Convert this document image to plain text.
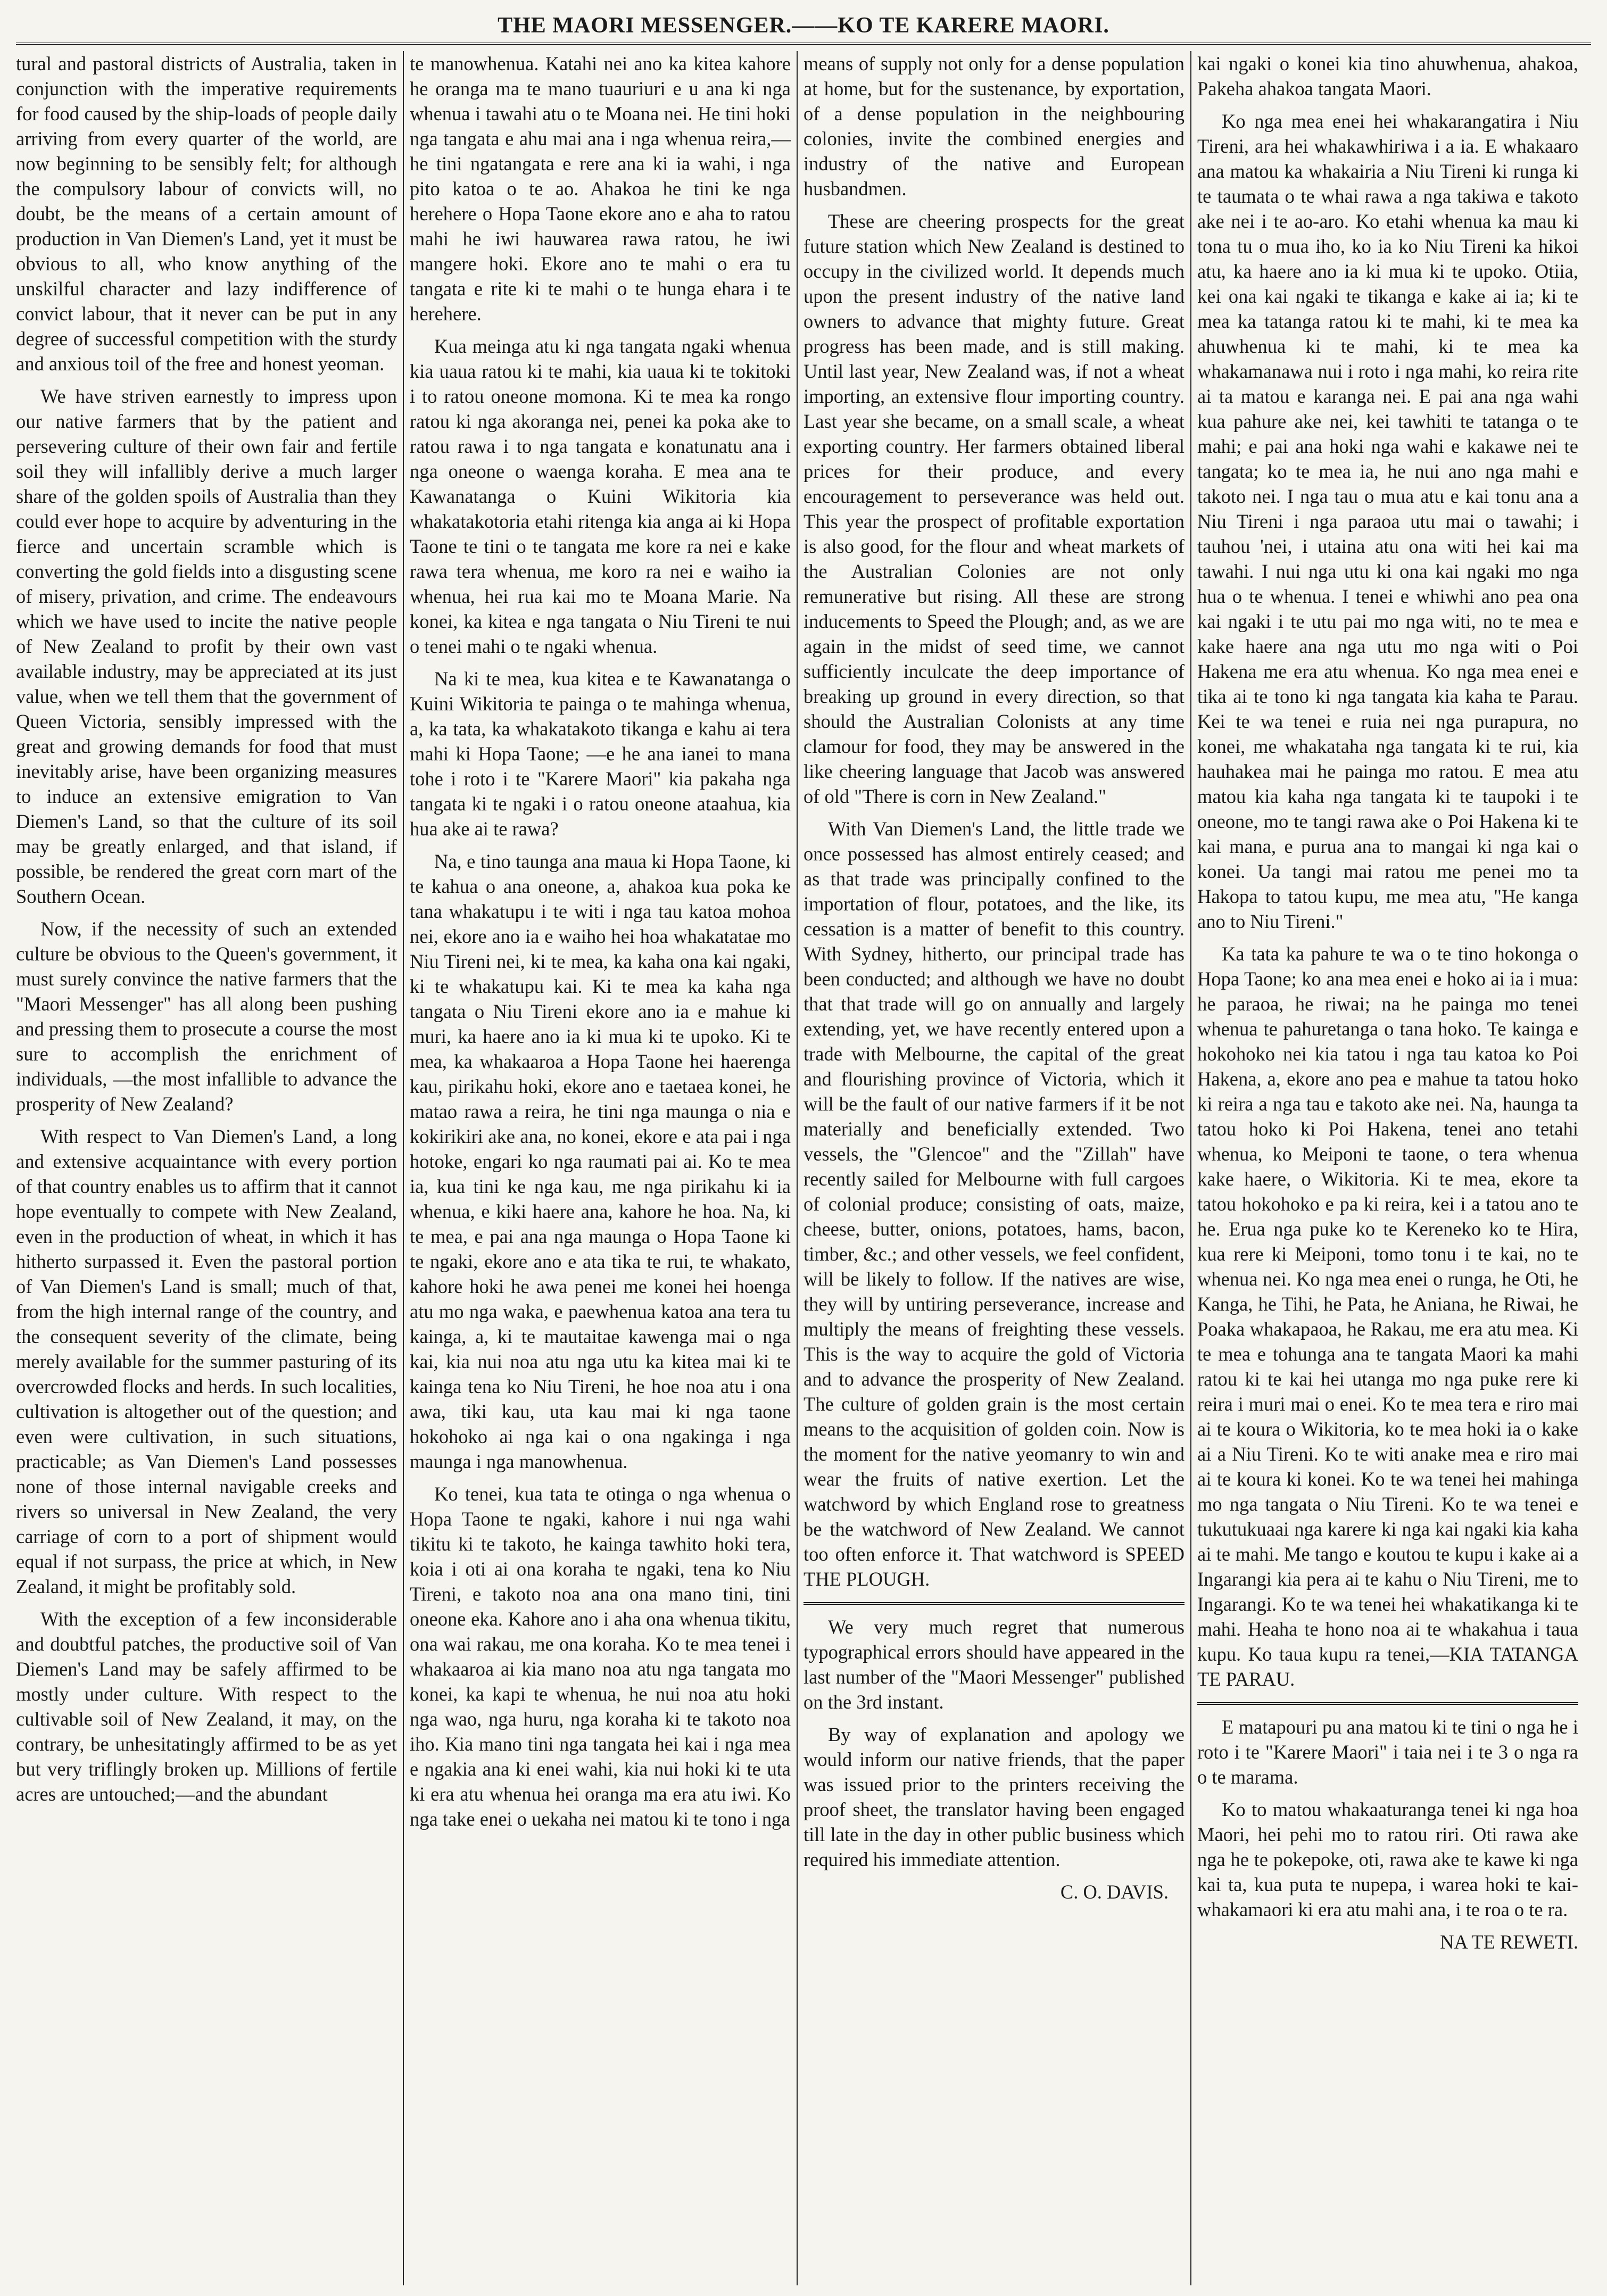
THE MAORI MESSENGER.——KO TE KARERE MAORI.

tural and pastoral districts of Australia, taken in conjunction with the imperative requirements for food caused by the ship-loads of people daily arriving from every quarter of the world, are now beginning to be sensibly felt; for although the compulsory labour of convicts will, no doubt, be the means of a certain amount of production in Van Diemen's Land, yet it must be obvious to all, who know anything of the unskilful character and lazy indifference of convict labour, that it never can be put in any degree of successful competition with the sturdy and anxious toil of the free and honest yeoman.

We have striven earnestly to impress upon our native farmers that by the patient and persevering culture of their own fair and fertile soil they will infallibly derive a much larger share of the golden spoils of Australia than they could ever hope to acquire by adventuring in the fierce and uncertain scramble which is converting the gold fields into a disgusting scene of misery, privation, and crime. The endeavours which we have used to incite the native people of New Zealand to profit by their own vast available industry, may be appreciated at its just value, when we tell them that the government of Queen Victoria, sensibly impressed with the great and growing demands for food that must inevitably arise, have been organizing measures to induce an extensive emigration to Van Diemen's Land, so that the culture of its soil may be greatly enlarged, and that island, if possible, be rendered the great corn mart of the Southern Ocean.

Now, if the necessity of such an extended culture be obvious to the Queen's government, it must surely convince the native farmers that the "Maori Messenger" has all along been pushing and pressing them to prosecute a course the most sure to accomplish the enrichment of individuals, —the most infallible to advance the prosperity of New Zealand?

With respect to Van Diemen's Land, a long and extensive acquaintance with every portion of that country enables us to affirm that it cannot hope eventually to compete with New Zealand, even in the production of wheat, in which it has hitherto surpassed it. Even the pastoral portion of Van Diemen's Land is small; much of that, from the high internal range of the country, and the consequent severity of the climate, being merely available for the summer pasturing of its overcrowded flocks and herds. In such localities, cultivation is altogether out of the question; and even were cultivation, in such situations, practicable; as Van Diemen's Land possesses none of those internal navigable creeks and rivers so universal in New Zealand, the very carriage of corn to a port of shipment would equal if not surpass, the price at which, in New Zealand, it might be profitably sold.

With the exception of a few inconsiderable and doubtful patches, the productive soil of Van Diemen's Land may be safely affirmed to be mostly under culture. With respect to the cultivable soil of New Zealand, it may, on the contrary, be unhesitatingly affirmed to be as yet but very triflingly broken up. Millions of fertile acres are untouched;—and the abundant

te manowhenua. Katahi nei ano ka kitea kahore he oranga ma te mano tuauriuri e u ana ki nga whenua i tawahi atu o te Moana nei. He tini hoki nga tangata e ahu mai ana i nga whenua reira,—he tini ngatangata e rere ana ki ia wahi, i nga pito katoa o te ao. Ahakoa he tini ke nga herehere o Hopa Taone ekore ano e aha to ratou mahi he iwi hauwarea rawa ratou, he iwi mangere hoki. Ekore ano te mahi o era tu tangata e rite ki te mahi o te hunga ehara i te herehere.

Kua meinga atu ki nga tangata ngaki whenua kia uaua ratou ki te mahi, kia uaua ki te tokitoki i to ratou oneone momona. Ki te mea ka rongo ratou ki nga akoranga nei, penei ka poka ake to ratou rawa i to nga tangata e konatunatu ana i nga oneone o waenga koraha. E mea ana te Kawanatanga o Kuini Wikitoria kia whakatakotoria etahi ritenga kia anga ai ki Hopa Taone te tini o te tangata me kore ra nei e kake rawa tera whenua, me koro ra nei e waiho ia whenua, hei rua kai mo te Moana Marie. Na konei, ka kitea e nga tangata o Niu Tireni te nui o tenei mahi o te ngaki whenua.

Na ki te mea, kua kitea e te Kawanatanga o Kuini Wikitoria te painga o te mahinga whenua, a, ka tata, ka whakatakoto tikanga e kahu ai tera mahi ki Hopa Taone; —e he ana ianei to mana tohe i roto i te "Karere Maori" kia pakaha nga tangata ki te ngaki i o ratou oneone ataahua, kia hua ake ai te rawa?

Na, e tino taunga ana maua ki Hopa Taone, ki te kahua o ana oneone, a, ahakoa kua poka ke tana whakatupu i te witi i nga tau katoa mohoa nei, ekore ano ia e waiho hei hoa whakatatae mo Niu Tireni nei, ki te mea, ka kaha ona kai ngaki, ki te whakatupu kai. Ki te mea ka kaha nga tangata o Niu Tireni ekore ano ia e mahue ki muri, ka haere ano ia ki mua ki te upoko. Ki te mea, ka whakaaroa a Hopa Taone hei haerenga kau, pirikahu hoki, ekore ano e taetaea konei, he matao rawa a reira, he tini nga maunga o nia e kokirikiri ake ana, no konei, ekore e ata pai i nga hotoke, engari ko nga raumati pai ai. Ko te mea ia, kua tini ke nga kau, me nga pirikahu ki ia whenua, e kiki haere ana, kahore he hoa. Na, ki te mea, e pai ana nga maunga o Hopa Taone ki te ngaki, ekore ano e ata tika te rui, te whakato, kahore hoki he awa penei me konei hei hoenga atu mo nga waka, e paewhenua katoa ana tera tu kainga, a, ki te mautaitae kawenga mai o nga kai, kia nui noa atu nga utu ka kitea mai ki te kainga tena ko Niu Tireni, he hoe noa atu i ona awa, tiki kau, uta kau mai ki nga taone hokohoko ai nga kai o ona ngakinga i nga maunga i nga manowhenua.

Ko tenei, kua tata te otinga o nga whenua o Hopa Taone te ngaki, kahore i nui nga wahi tikitu ki te takoto, he kainga tawhito hoki tera, koia i oti ai ona koraha te ngaki, tena ko Niu Tireni, e takoto noa ana ona mano tini, tini oneone eka. Kahore ano i aha ona whenua tikitu, ona wai rakau, me ona koraha. Ko te mea tenei i whakaaroa ai kia mano noa atu nga tangata mo konei, ka kapi te whenua, he nui noa atu hoki nga wao, nga huru, nga koraha ki te takoto noa iho. Kia mano tini nga tangata hei kai i nga mea e ngakia ana ki enei wahi, kia nui hoki ki te uta ki era atu whenua hei oranga ma era atu iwi. Ko nga take enei o uekaha nei matou ki te tono i nga

means of supply not only for a dense population at home, but for the sustenance, by exportation, of a dense population in the neighbouring colonies, invite the combined energies and industry of the native and European husbandmen.

These are cheering prospects for the great future station which New Zealand is destined to occupy in the civilized world. It depends much upon the present industry of the native land owners to advance that mighty future. Great progress has been made, and is still making. Until last year, New Zealand was, if not a wheat importing, an extensive flour importing country. Last year she became, on a small scale, a wheat exporting country. Her farmers obtained liberal prices for their produce, and every encouragement to perseverance was held out. This year the prospect of profitable exportation is also good, for the flour and wheat markets of the Australian Colonies are not only remunerative but rising. All these are strong inducements to Speed the Plough; and, as we are again in the midst of seed time, we cannot sufficiently inculcate the deep importance of breaking up ground in every direction, so that should the Australian Colonists at any time clamour for food, they may be answered in the like cheering language that Jacob was answered of old "There is corn in New Zealand."

With Van Diemen's Land, the little trade we once possessed has almost entirely ceased; and as that trade was principally confined to the importation of flour, potatoes, and the like, its cessation is a matter of benefit to this country. With Sydney, hitherto, our principal trade has been conducted; and although we have no doubt that that trade will go on annually and largely extending, yet, we have recently entered upon a trade with Melbourne, the capital of the great and flourishing province of Victoria, which it will be the fault of our native farmers if it be not materially and beneficially extended. Two vessels, the "Glencoe" and the "Zillah" have recently sailed for Melbourne with full cargoes of colonial produce; consisting of oats, maize, cheese, butter, onions, potatoes, hams, bacon, timber, &c.; and other vessels, we feel confident, will be likely to follow. If the natives are wise, they will by untiring perseverance, increase and multiply the means of freighting these vessels. This is the way to acquire the gold of Victoria and to advance the prosperity of New Zealand. The culture of golden grain is the most certain means to the acquisition of golden coin. Now is the moment for the native yeomanry to win and wear the fruits of native exertion. Let the watchword by which England rose to greatness be the watchword of New Zealand. We cannot too often enforce it. That watchword is SPEED THE PLOUGH.

We very much regret that numerous typographical errors should have appeared in the last number of the "Maori Messenger" published on the 3rd instant.

By way of explanation and apology we would inform our native friends, that the paper was issued prior to the printers receiving the proof sheet, the translator having been engaged till late in the day in other public business which required his immediate attention.

C. O. DAVIS.

kai ngaki o konei kia tino ahuwhenua, ahakoa, Pakeha ahakoa tangata Maori.

Ko nga mea enei hei whakarangatira i Niu Tireni, ara hei whakawhiriwa i a ia. E whakaaro ana matou ka whakairia a Niu Tireni ki runga ki te taumata o te whai rawa a nga takiwa e takoto ake nei i te ao-aro. Ko etahi whenua ka mau ki tona tu o mua iho, ko ia ko Niu Tireni ka hikoi atu, ka haere ano ia ki mua ki te upoko. Otiia, kei ona kai ngaki te tikanga e kake ai ia; ki te mea ka tatanga ratou ki te mahi, ki te mea ka ahuwhenua ki te mahi, ki te mea ka whakamanawa nui i roto i nga mahi, ko reira rite ai ta matou e karanga nei. E pai ana nga wahi kua pahure ake nei, kei tawhiti te tatanga o te mahi; e pai ana hoki nga wahi e kakawe nei te tangata; ko te mea ia, he nui ano nga mahi e takoto nei. I nga tau o mua atu e kai tonu ana a Niu Tireni i nga paraoa utu mai o tawahi; i tauhou 'nei, i utaina atu ona witi hei kai ma tawahi. I nui nga utu ki ona kai ngaki mo nga hua o te whenua. I tenei e whiwhi ano pea ona kai ngaki i te utu pai mo nga witi, no te mea e kake haere ana nga utu mo nga witi o Poi Hakena me era atu whenua. Ko nga mea enei e tika ai te tono ki nga tangata kia kaha te Parau. Kei te wa tenei e ruia nei nga purapura, no konei, me whakataha nga tangata ki te rui, kia hauhakea mai he painga mo ratou. E mea atu matou kia kaha nga tangata ki te taupoki i te oneone, mo te tangi rawa ake o Poi Hakena ki te kai mana, e purua ana to mangai ki nga kai o konei. Ua tangi mai ratou me penei mo ta Hakopa to tatou kupu, me mea atu, "He kanga ano to Niu Tireni."

Ka tata ka pahure te wa o te tino hokonga o Hopa Taone; ko ana mea enei e hoko ai ia i mua: he paraoa, he riwai; na he painga mo tenei whenua te pahuretanga o tana hoko. Te kainga e hokohoko nei kia tatou i nga tau katoa ko Poi Hakena, a, ekore ano pea e mahue ta tatou hoko ki reira a nga tau e takoto ake nei. Na, haunga ta tatou hoko ki Poi Hakena, tenei ano tetahi whenua, ko Meiponi te taone, o tera whenua kake haere, o Wikitoria. Ki te mea, ekore ta tatou hokohoko e pa ki reira, kei i a tatou ano te he. Erua nga puke ko te Kereneko ko te Hira, kua rere ki Meiponi, tomo tonu i te kai, no te whenua nei. Ko nga mea enei o runga, he Oti, he Kanga, he Tihi, he Pata, he Aniana, he Riwai, he Poaka whakapaoa, he Rakau, me era atu mea. Ki te mea e tohunga ana te tangata Maori ka mahi ratou ki te kai hei utanga mo nga puke rere ki reira i muri mai o enei. Ko te mea tera e riro mai ai te koura o Wikitoria, ko te mea hoki ia o kake ai a Niu Tireni. Ko te witi anake mea e riro mai ai te koura ki konei. Ko te wa tenei hei mahinga mo nga tangata o Niu Tireni. Ko te wa tenei e tukutukuaai nga karere ki nga kai ngaki kia kaha ai te mahi. Me tango e koutou te kupu i kake ai a Ingarangi kia pera ai te kahu o Niu Tireni, me to Ingarangi. Ko te wa tenei hei whakatikanga ki te mahi. Heaha te hono noa ai te whakahua i taua kupu. Ko taua kupu ra tenei,—KIA TATANGA TE PARAU.

E matapouri pu ana matou ki te tini o nga he i roto i te "Karere Maori" i taia nei i te 3 o nga ra o te marama.

Ko to matou whakaaturanga tenei ki nga hoa Maori, hei pehi mo to ratou riri. Oti rawa ake nga he te pokepoke, oti, rawa ake te kawe ki nga kai ta, kua puta te nupepa, i warea hoki te kai-whakamaori ki era atu mahi ana, i te roa o te ra.

NA TE REWETI.
